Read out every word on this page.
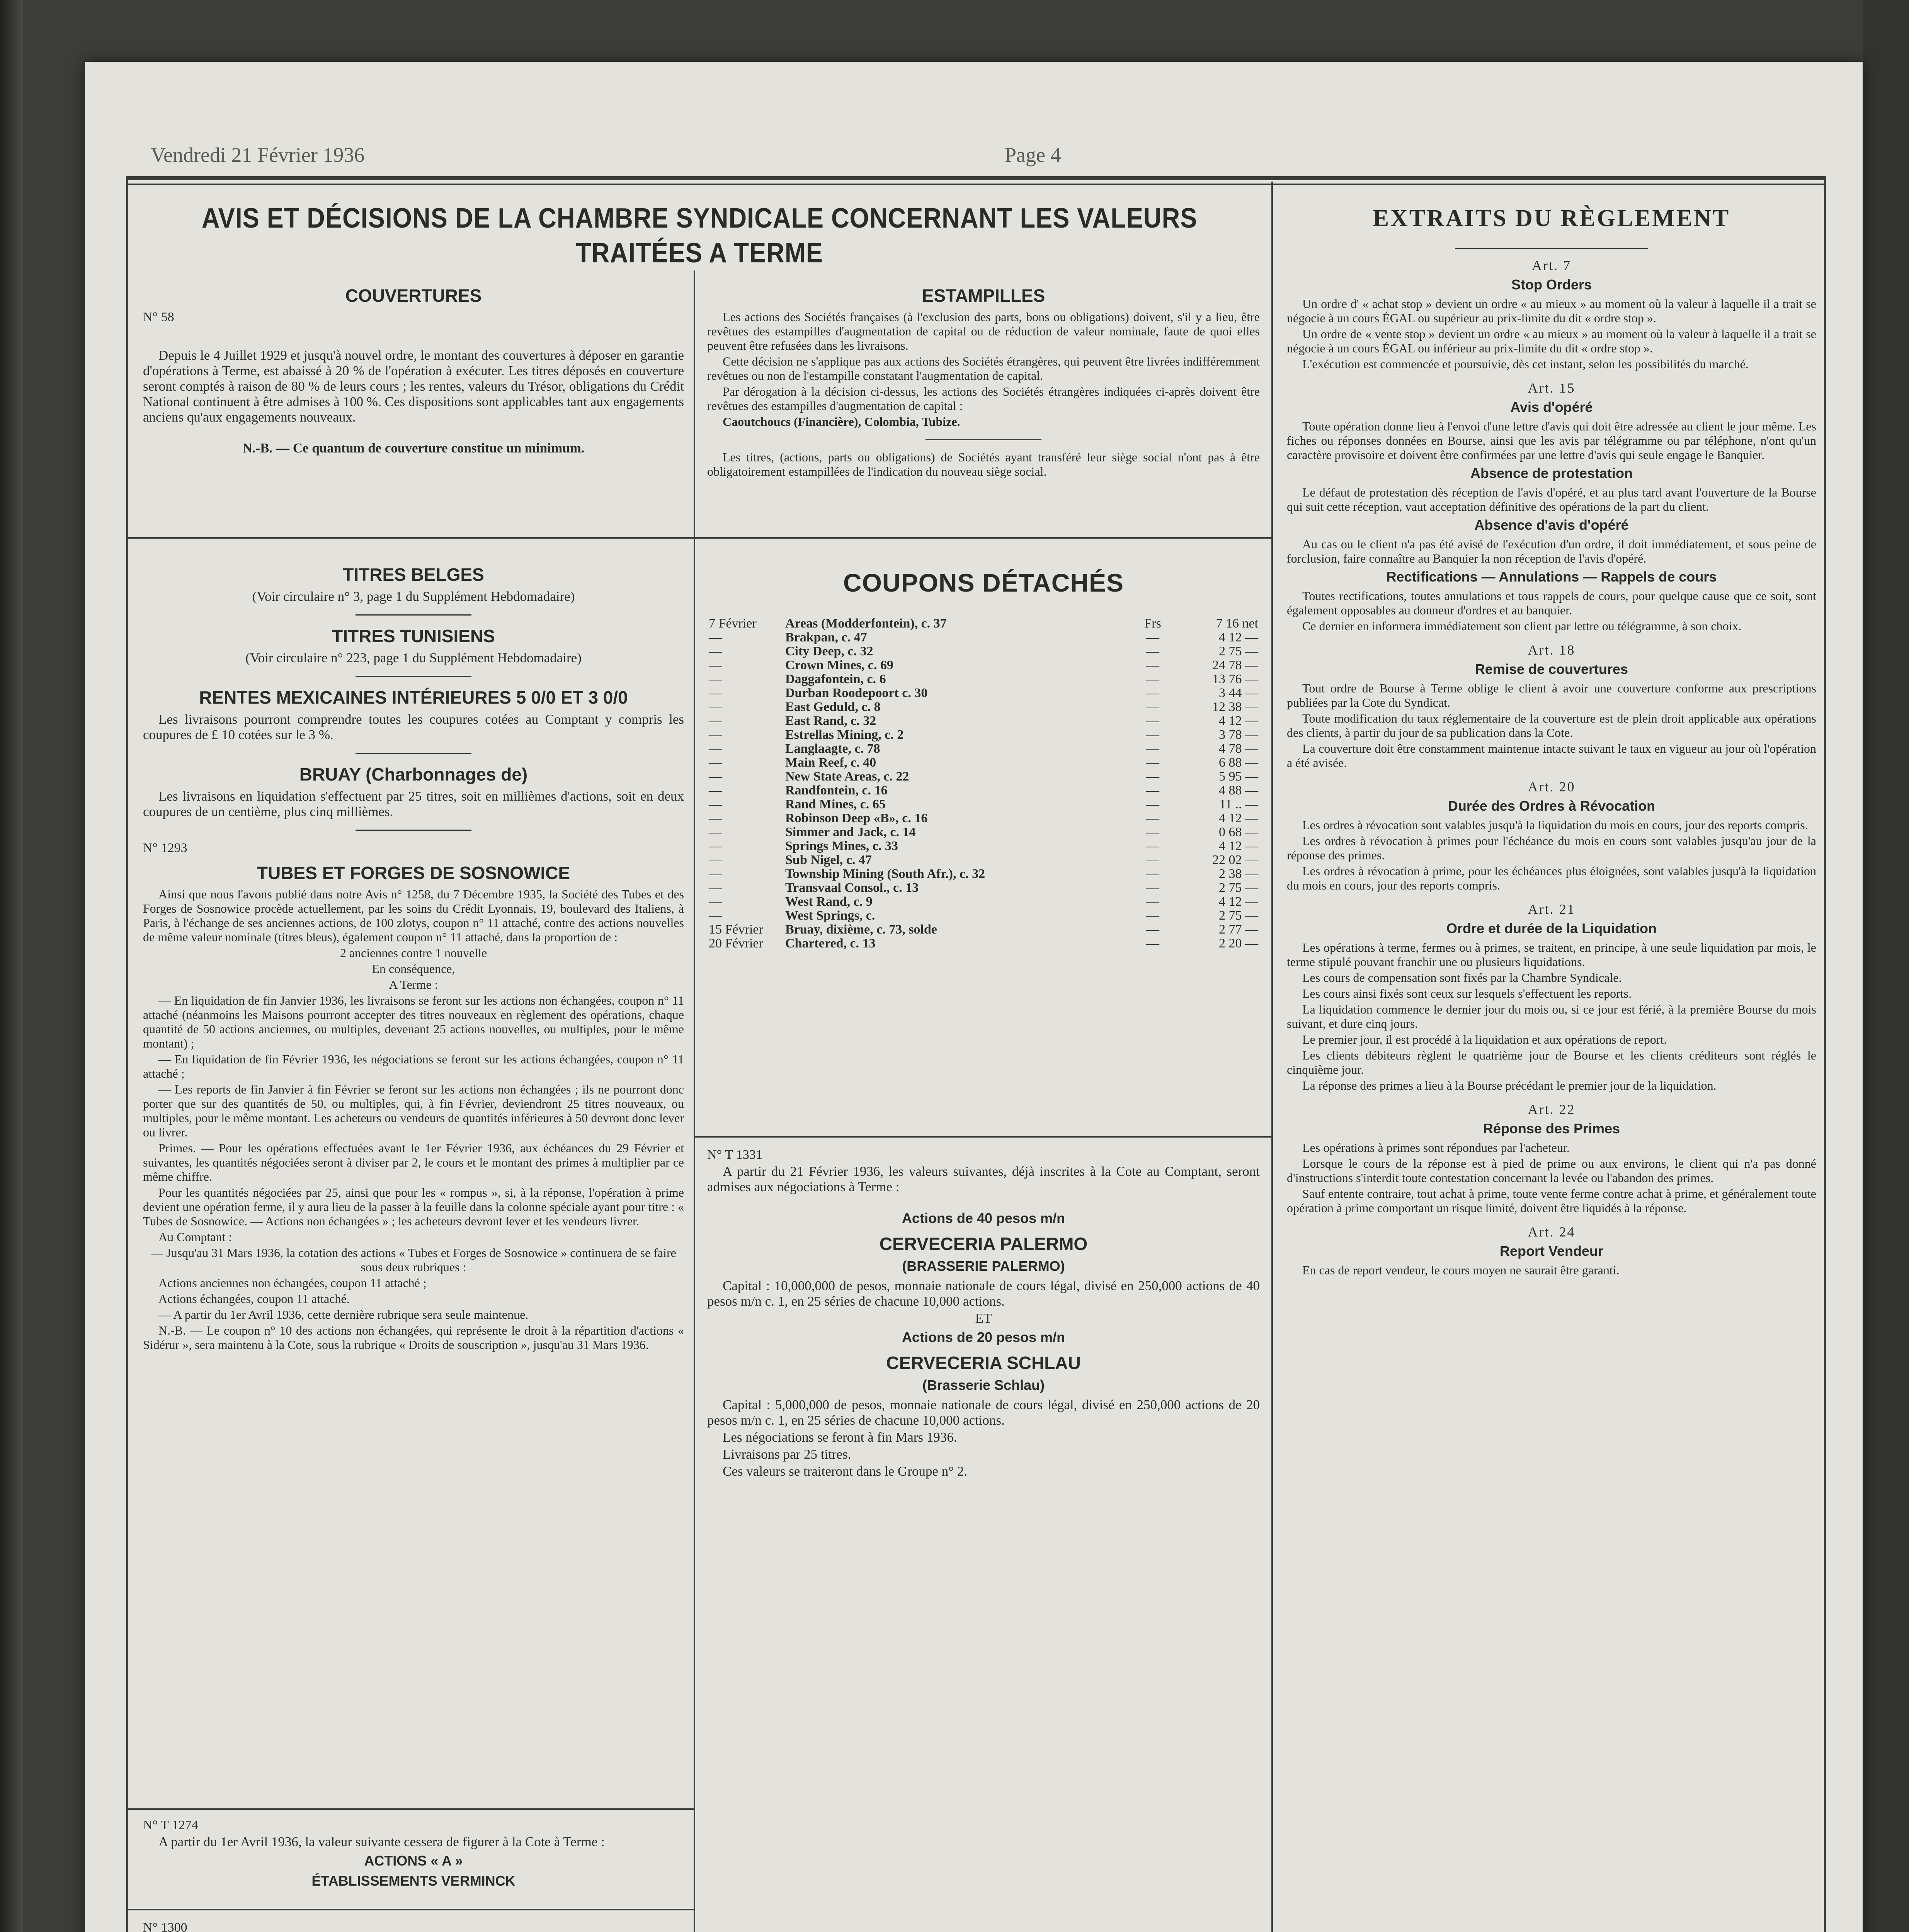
Vendredi 21 Février 1936	Page 4
AVIS ET DÉCISIONS DE LA CHAMBRE SYNDICALE CONCERNANT LES VALEURS TRAITÉES A TERME
COUVERTURES
N° 58

Depuis le 4 Juillet 1929 et jusqu'à nouvel ordre, le montant des couvertures à déposer en garantie d'opérations à Terme, est abaissé à 20 % de l'opération à exécuter. Les titres déposés en couverture seront comptés à raison de 80 % de leurs cours ; les rentes, valeurs du Trésor, obligations du Crédit National continuent à être admises à 100 %. Ces dispositions sont applicables tant aux engagements anciens qu'aux engagements nouveaux.

N.-B. — Ce quantum de couverture constitue un minimum.

ESTAMPILLES

Les actions des Sociétés françaises (à l'exclusion des parts, bons ou obligations) doivent, s'il y a lieu, être revêtues des estampilles d'augmentation de capital ou de réduction de valeur nominale, faute de quoi elles peuvent être refusées dans les livraisons.

Cette décision ne s'applique pas aux actions des Sociétés étrangères, qui peuvent être livrées indifféremment revêtues ou non de l'estampille constatant l'augmentation de capital.

Par dérogation à la décision ci-dessus, les actions des Sociétés étrangères indiquées ci-après doivent être revêtues des estampilles d'augmentation de capital :

Caoutchoucs (Financière), Colombia, Tubize.

Les titres, (actions, parts ou obligations) de Sociétés ayant transféré leur siège social n'ont pas à être obligatoirement estampillées de l'indication du nouveau siège social.

TITRES BELGES

(Voir circulaire n° 3, page 1 du Supplément Hebdomadaire)

TITRES TUNISIENS

(Voir circulaire n° 223, page 1 du Supplément Hebdomadaire)

RENTES MEXICAINES INTÉRIEURES 5 0/0 ET 3 0/0

Les livraisons pourront comprendre toutes les coupures cotées au Comptant y compris les coupures de £ 10 cotées sur le 3 %.

BRUAY (Charbonnages de)

Les livraisons en liquidation s'effectuent par 25 titres, soit en millièmes d'actions, soit en deux coupures de un centième, plus cinq millièmes.

N° 1293
TUBES ET FORGES DE SOSNOWICE

Ainsi que nous l'avons publié dans notre Avis n° 1258, du 7 Décembre 1935, la Société des Tubes et des Forges de Sosnowice procède actuellement, par les soins du Crédit Lyonnais, 19, boulevard des Italiens, à Paris, à l'échange de ses anciennes actions, de 100 zlotys, coupon n° 11 attaché, contre des actions nouvelles de même valeur nominale (titres bleus), également coupon n° 11 attaché, dans la proportion de :

2 anciennes contre 1 nouvelle

En conséquence,

A Terme :

— En liquidation de fin Janvier 1936, les livraisons se feront sur les actions non échangées, coupon n° 11 attaché (néanmoins les Maisons pourront accepter des titres nouveaux en règlement des opérations, chaque quantité de 50 actions anciennes, ou multiples, devenant 25 actions nouvelles, ou multiples, pour le même montant) ;

— En liquidation de fin Février 1936, les négociations se feront sur les actions échangées, coupon n° 11 attaché ;

— Les reports de fin Janvier à fin Février se feront sur les actions non échangées ; ils ne pourront donc porter que sur des quantités de 50, ou multiples, qui, à fin Février, deviendront 25 titres nouveaux, ou multiples, pour le même montant. Les acheteurs ou vendeurs de quantités inférieures à 50 devront donc lever ou livrer.

Primes. — Pour les opérations effectuées avant le 1er Février 1936, aux échéances du 29 Février et suivantes, les quantités négociées seront à diviser par 2, le cours et le montant des primes à multiplier par ce même chiffre.

Pour les quantités négociées par 25, ainsi que pour les « rompus », si, à la réponse, l'opération à prime devient une opération ferme, il y aura lieu de la passer à la feuille dans la colonne spéciale ayant pour titre : « Tubes de Sosnowice. — Actions non échangées » ; les acheteurs devront lever et les vendeurs livrer.

Au Comptant :

— Jusqu'au 31 Mars 1936, la cotation des actions « Tubes et Forges de Sosnowice » continuera de se faire sous deux rubriques :

Actions anciennes non échangées, coupon 11 attaché ;

Actions échangées, coupon 11 attaché.

— A partir du 1er Avril 1936, cette dernière rubrique sera seule maintenue.

N.-B. — Le coupon n° 10 des actions non échangées, qui représente le droit à la répartition d'actions « Sidérur », sera maintenu à la Cote, sous la rubrique « Droits de souscription », jusqu'au 31 Mars 1936.

N° T 1274

A partir du 1er Avril 1936, la valeur suivante cessera de figurer à la Cote à Terme :

ACTIONS « A »
ÉTABLISSEMENTS VERMINCK
N° 1300

COUPONS DÉTACHÉS
7 Février	Areas (Modderfontein), c. 37	Frs	7 16 net
—	Brakpan, c. 47	—	4 12 —
—	City Deep, c. 32	—	2 75 —
—	Crown Mines, c. 69	—	24 78 —
—	Daggafontein, c. 6	—	13 76 —
—	Durban Roodepoort c. 30	—	3 44 —
—	East Geduld, c. 8	—	12 38 —
—	East Rand, c. 32	—	4 12 —
—	Estrellas Mining, c. 2	—	3 78 —
—	Langlaagte, c. 78	—	4 78 —
—	Main Reef, c. 40	—	6 88 —
—	New State Areas, c. 22	—	5 95 —
—	Randfontein, c. 16	—	4 88 —
—	Rand Mines, c. 65	—	11 .. —
—	Robinson Deep «B», c. 16	—	4 12 —
—	Simmer and Jack, c. 14	—	0 68 —
—	Springs Mines, c. 33	—	4 12 —
—	Sub Nigel, c. 47	—	22 02 —
—	Township Mining (South Afr.), c. 32	—	2 38 —
—	Transvaal Consol., c. 13	—	2 75 —
—	West Rand, c. 9	—	4 12 —
—	West Springs, c.	—	2 75 —
15 Février	Bruay, dixième, c. 73, solde	—	2 77 —
20 Février	Chartered, c. 13	—	2 20 —
N° T 1331

A partir du 21 Février 1936, les valeurs suivantes, déjà inscrites à la Cote au Comptant, seront admises aux négociations à Terme :

Actions de 40 pesos m/n
CERVECERIA PALERMO
(BRASSERIE PALERMO)

Capital : 10,000,000 de pesos, monnaie nationale de cours légal, divisé en 250,000 actions de 40 pesos m/n c. 1, en 25 séries de chacune 10,000 actions.

ET

Actions de 20 pesos m/n
CERVECERIA SCHLAU
(Brasserie Schlau)

Capital : 5,000,000 de pesos, monnaie nationale de cours légal, divisé en 250,000 actions de 20 pesos m/n c. 1, en 25 séries de chacune 10,000 actions.

Les négociations se feront à fin Mars 1936.

Livraisons par 25 titres.

Ces valeurs se traiteront dans le Groupe n° 2.

EXTRAITS DU RÈGLEMENT
Art. 7
Stop Orders

Un ordre d' « achat stop » devient un ordre « au mieux » au moment où la valeur à laquelle il a trait se négocie à un cours ÉGAL ou supérieur au prix-limite du dit « ordre stop ».

Un ordre de « vente stop » devient un ordre « au mieux » au moment où la valeur à laquelle il a trait se négocie à un cours ÉGAL ou inférieur au prix-limite du dit « ordre stop ».

L'exécution est commencée et poursuivie, dès cet instant, selon les possibilités du marché.

Art. 15
Avis d'opéré

Toute opération donne lieu à l'envoi d'une lettre d'avis qui doit être adressée au client le jour même. Les fiches ou réponses données en Bourse, ainsi que les avis par télégramme ou par téléphone, n'ont qu'un caractère provisoire et doivent être confirmées par une lettre d'avis qui seule engage le Banquier.

Absence de protestation

Le défaut de protestation dès réception de l'avis d'opéré, et au plus tard avant l'ouverture de la Bourse qui suit cette réception, vaut acceptation définitive des opérations de la part du client.

Absence d'avis d'opéré

Au cas ou le client n'a pas été avisé de l'exécution d'un ordre, il doit immédiatement, et sous peine de forclusion, faire connaître au Banquier la non réception de l'avis d'opéré.

Rectifications — Annulations — Rappels de cours

Toutes rectifications, toutes annulations et tous rappels de cours, pour quelque cause que ce soit, sont également opposables au donneur d'ordres et au banquier.

Ce dernier en informera immédiatement son client par lettre ou télégramme, à son choix.

Art. 18
Remise de couvertures

Tout ordre de Bourse à Terme oblige le client à avoir une couverture conforme aux prescriptions publiées par la Cote du Syndicat.

Toute modification du taux réglementaire de la couverture est de plein droit applicable aux opérations des clients, à partir du jour de sa publication dans la Cote.

La couverture doit être constamment maintenue intacte suivant le taux en vigueur au jour où l'opération a été avisée.

Art. 20
Durée des Ordres à Révocation

Les ordres à révocation sont valables jusqu'à la liquidation du mois en cours, jour des reports compris.

Les ordres à révocation à primes pour l'échéance du mois en cours sont valables jusqu'au jour de la réponse des primes.

Les ordres à révocation à prime, pour les échéances plus éloignées, sont valables jusqu'à la liquidation du mois en cours, jour des reports compris.

Art. 21
Ordre et durée de la Liquidation

Les opérations à terme, fermes ou à primes, se traitent, en principe, à une seule liquidation par mois, le terme stipulé pouvant franchir une ou plusieurs liquidations.

Les cours de compensation sont fixés par la Chambre Syndicale.

Les cours ainsi fixés sont ceux sur lesquels s'effectuent les reports.

La liquidation commence le dernier jour du mois ou, si ce jour est férié, à la première Bourse du mois suivant, et dure cinq jours.

Le premier jour, il est procédé à la liquidation et aux opérations de report.

Les clients débiteurs règlent le quatrième jour de Bourse et les clients créditeurs sont réglés le cinquième jour.

La réponse des primes a lieu à la Bourse précédant le premier jour de la liquidation.

Art. 22
Réponse des Primes

Les opérations à primes sont répondues par l'acheteur.

Lorsque le cours de la réponse est à pied de prime ou aux environs, le client qui n'a pas donné d'instructions s'interdit toute contestation concernant la levée ou l'abandon des primes.

Sauf entente contraire, tout achat à prime, toute vente ferme contre achat à prime, et généralement toute opération à prime comportant un risque limité, doivent être liquidés à la réponse.

Art. 24
Report Vendeur

En cas de report vendeur, le cours moyen ne saurait être garanti.
